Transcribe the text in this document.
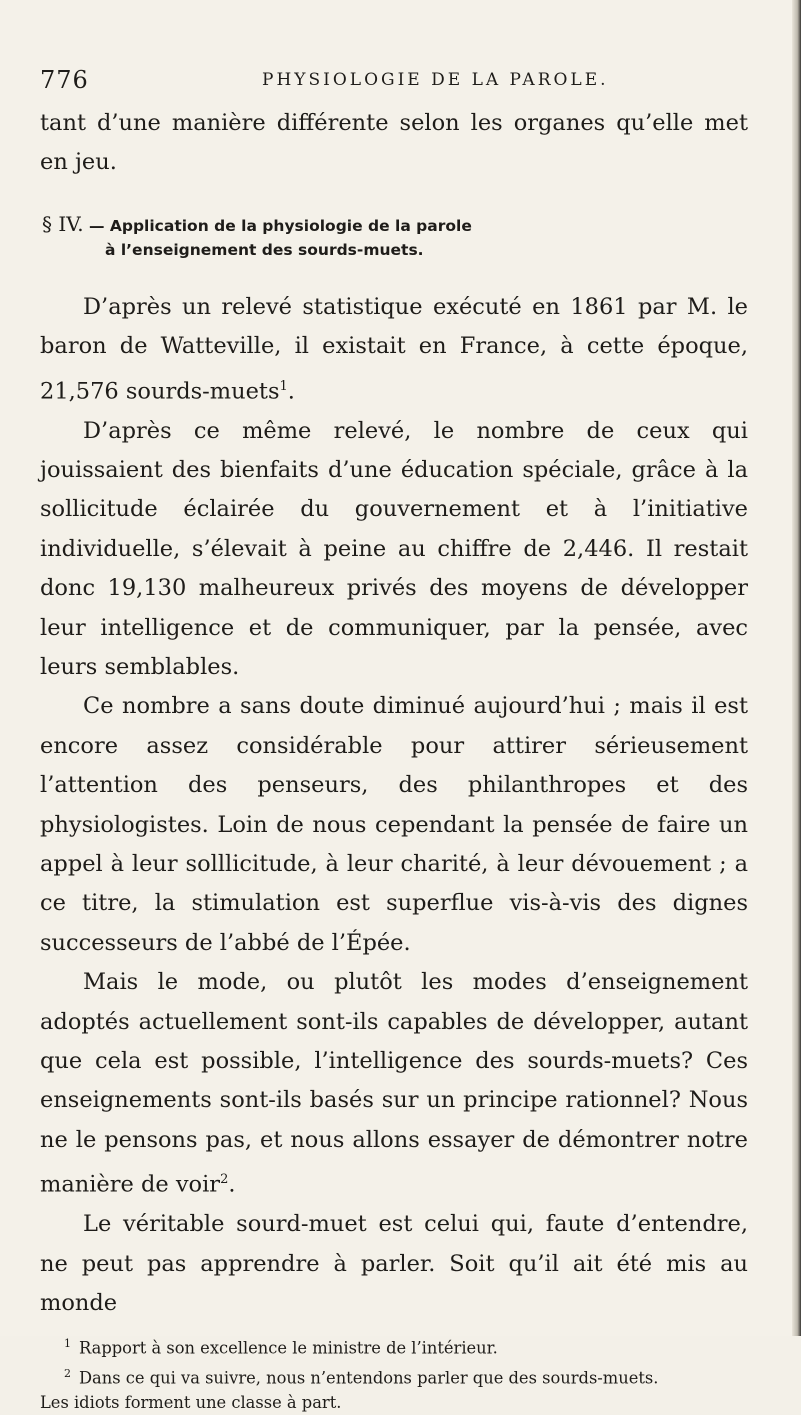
776	PHYSIOLOGIE DE LA PAROLE.

tant d’une manière différente selon les organes qu’elle met en jeu.

§ IV. — Application de la physiologie de la parole
à l’enseignement des sourds-muets.

D’après un relevé statistique exécuté en 1861 par M. le baron de Watteville, il existait en France, à cette époque, 21,576 sourds-muets$^1$.

D’après ce même relevé, le nombre de ceux qui jouissaient des bienfaits d’une éducation spéciale, grâce à la sollicitude éclairée du gouvernement et à l’initiative individuelle, s’élevait à peine au chiffre de 2,446. Il restait donc 19,130 malheureux privés des moyens de développer leur intelligence et de communiquer, par la pensée, avec leurs semblables.

Ce nombre a sans doute diminué aujourd’hui ; mais il est encore assez considérable pour attirer sérieusement l’attention des penseurs, des philanthropes et des physiologistes. Loin de nous cependant la pensée de faire un appel à leur solllicitude, à leur charité, à leur dévouement ; a ce titre, la stimulation est superflue vis-à-vis des dignes successeurs de l’abbé de l’Épée.

Mais le mode, ou plutôt les modes d’enseignement adoptés actuellement sont-ils capables de développer, autant que cela est possible, l’intelligence des sourds-muets? Ces enseignements sont-ils basés sur un principe rationnel? Nous ne le pensons pas, et nous allons essayer de démontrer notre manière de voir$^2$.

Le véritable sourd-muet est celui qui, faute d’entendre, ne peut pas apprendre à parler. Soit qu’il ait été mis au monde

$^1$ Rapport à son excellence le ministre de l’intérieur.
$^2$ Dans ce qui va suivre, nous n’entendons parler que des sourds-muets.
Les idiots forment une classe à part.
